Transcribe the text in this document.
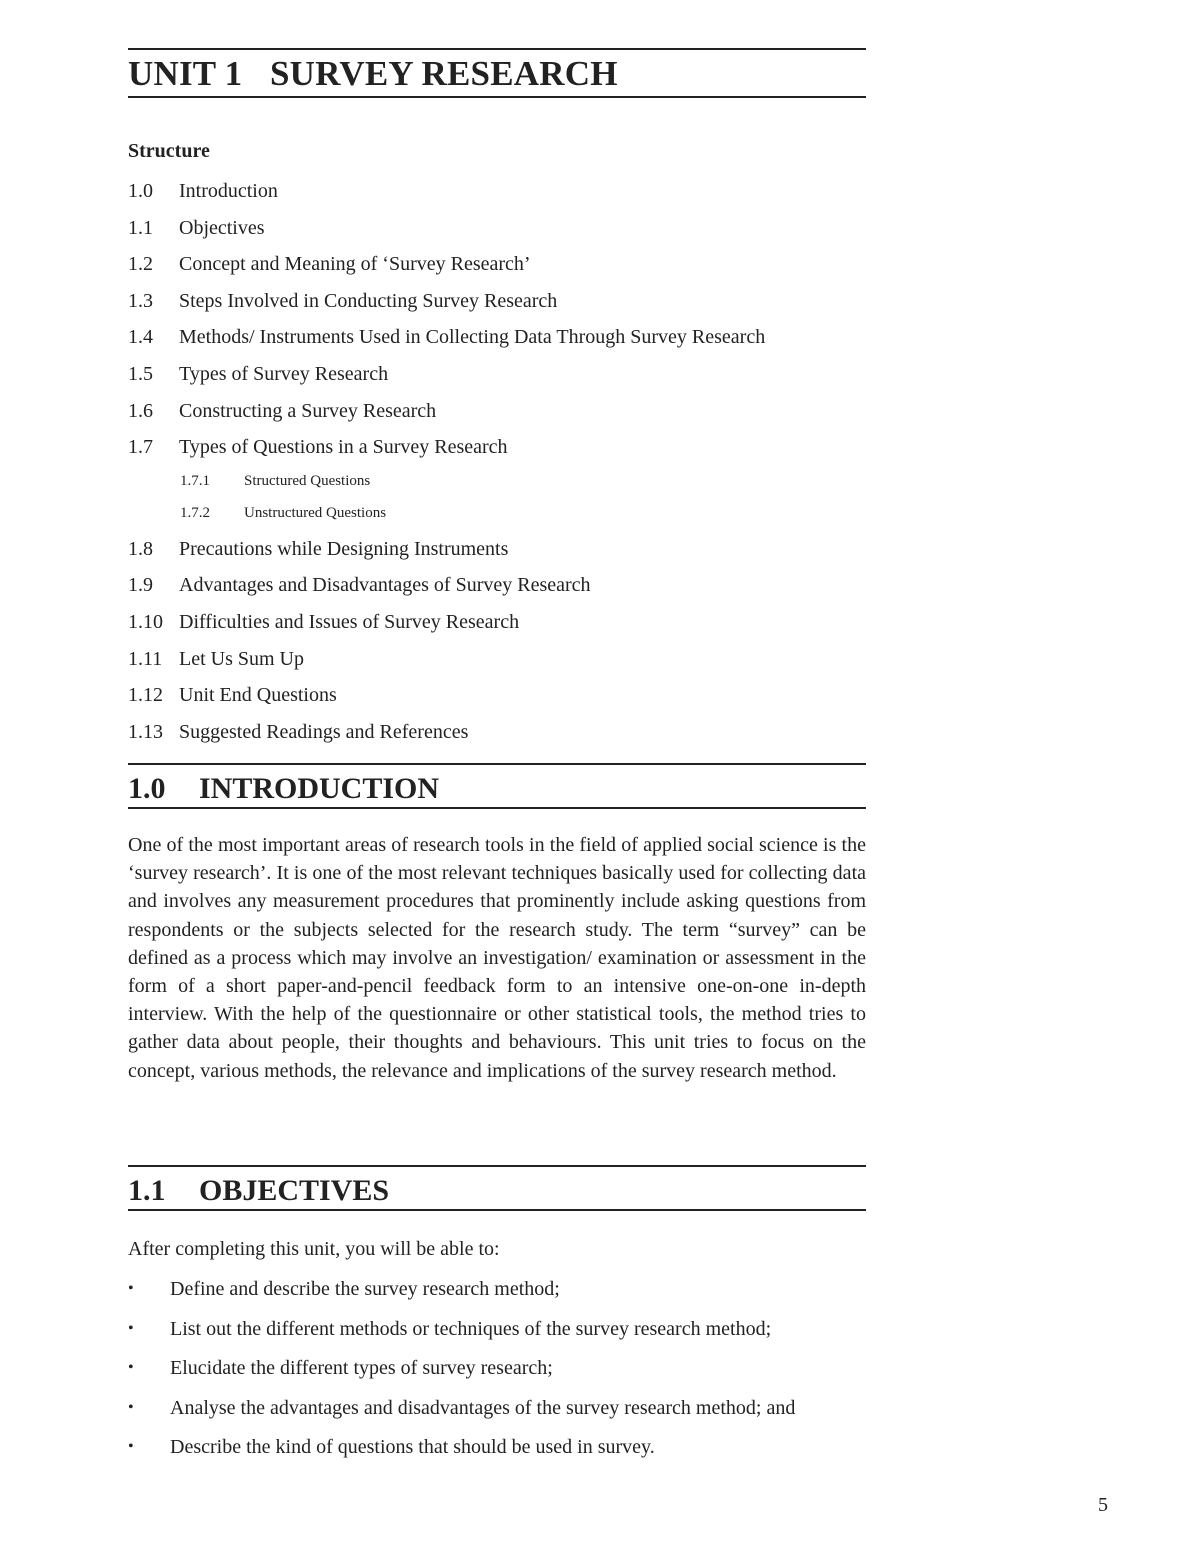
UNIT 1 SURVEY RESEARCH
Structure
1.0 Introduction
1.1 Objectives
1.2 Concept and Meaning of ‘Survey Research’
1.3 Steps Involved in Conducting Survey Research
1.4 Methods/ Instruments Used in Collecting Data Through Survey Research
1.5 Types of Survey Research
1.6 Constructing a Survey Research
1.7 Types of Questions in a Survey Research
1.7.1 Structured Questions
1.7.2 Unstructured Questions
1.8 Precautions while Designing Instruments
1.9 Advantages and Disadvantages of Survey Research
1.10 Difficulties and Issues of Survey Research
1.11 Let Us Sum Up
1.12 Unit End Questions
1.13 Suggested Readings and References
1.0 INTRODUCTION

One of the most important areas of research tools in the field of applied social science is the ‘survey research’. It is one of the most relevant techniques basically used for collecting data and involves any measurement procedures that prominently include asking questions from respondents or the subjects selected for the research study. The term “survey” can be defined as a process which may involve an investigation/ examination or assessment in the form of a short paper-and-pencil feedback form to an intensive one-on-one in-depth interview. With the help of the questionnaire or other statistical tools, the method tries to gather data about people, their thoughts and behaviours. This unit tries to focus on the concept, various methods, the relevance and implications of the survey research method.

1.1 OBJECTIVES

After completing this unit, you will be able to:

• Define and describe the survey research method;
• List out the different methods or techniques of the survey research method;
• Elucidate the different types of survey research;
• Analyse the advantages and disadvantages of the survey research method; and
• Describe the kind of questions that should be used in survey.
5
